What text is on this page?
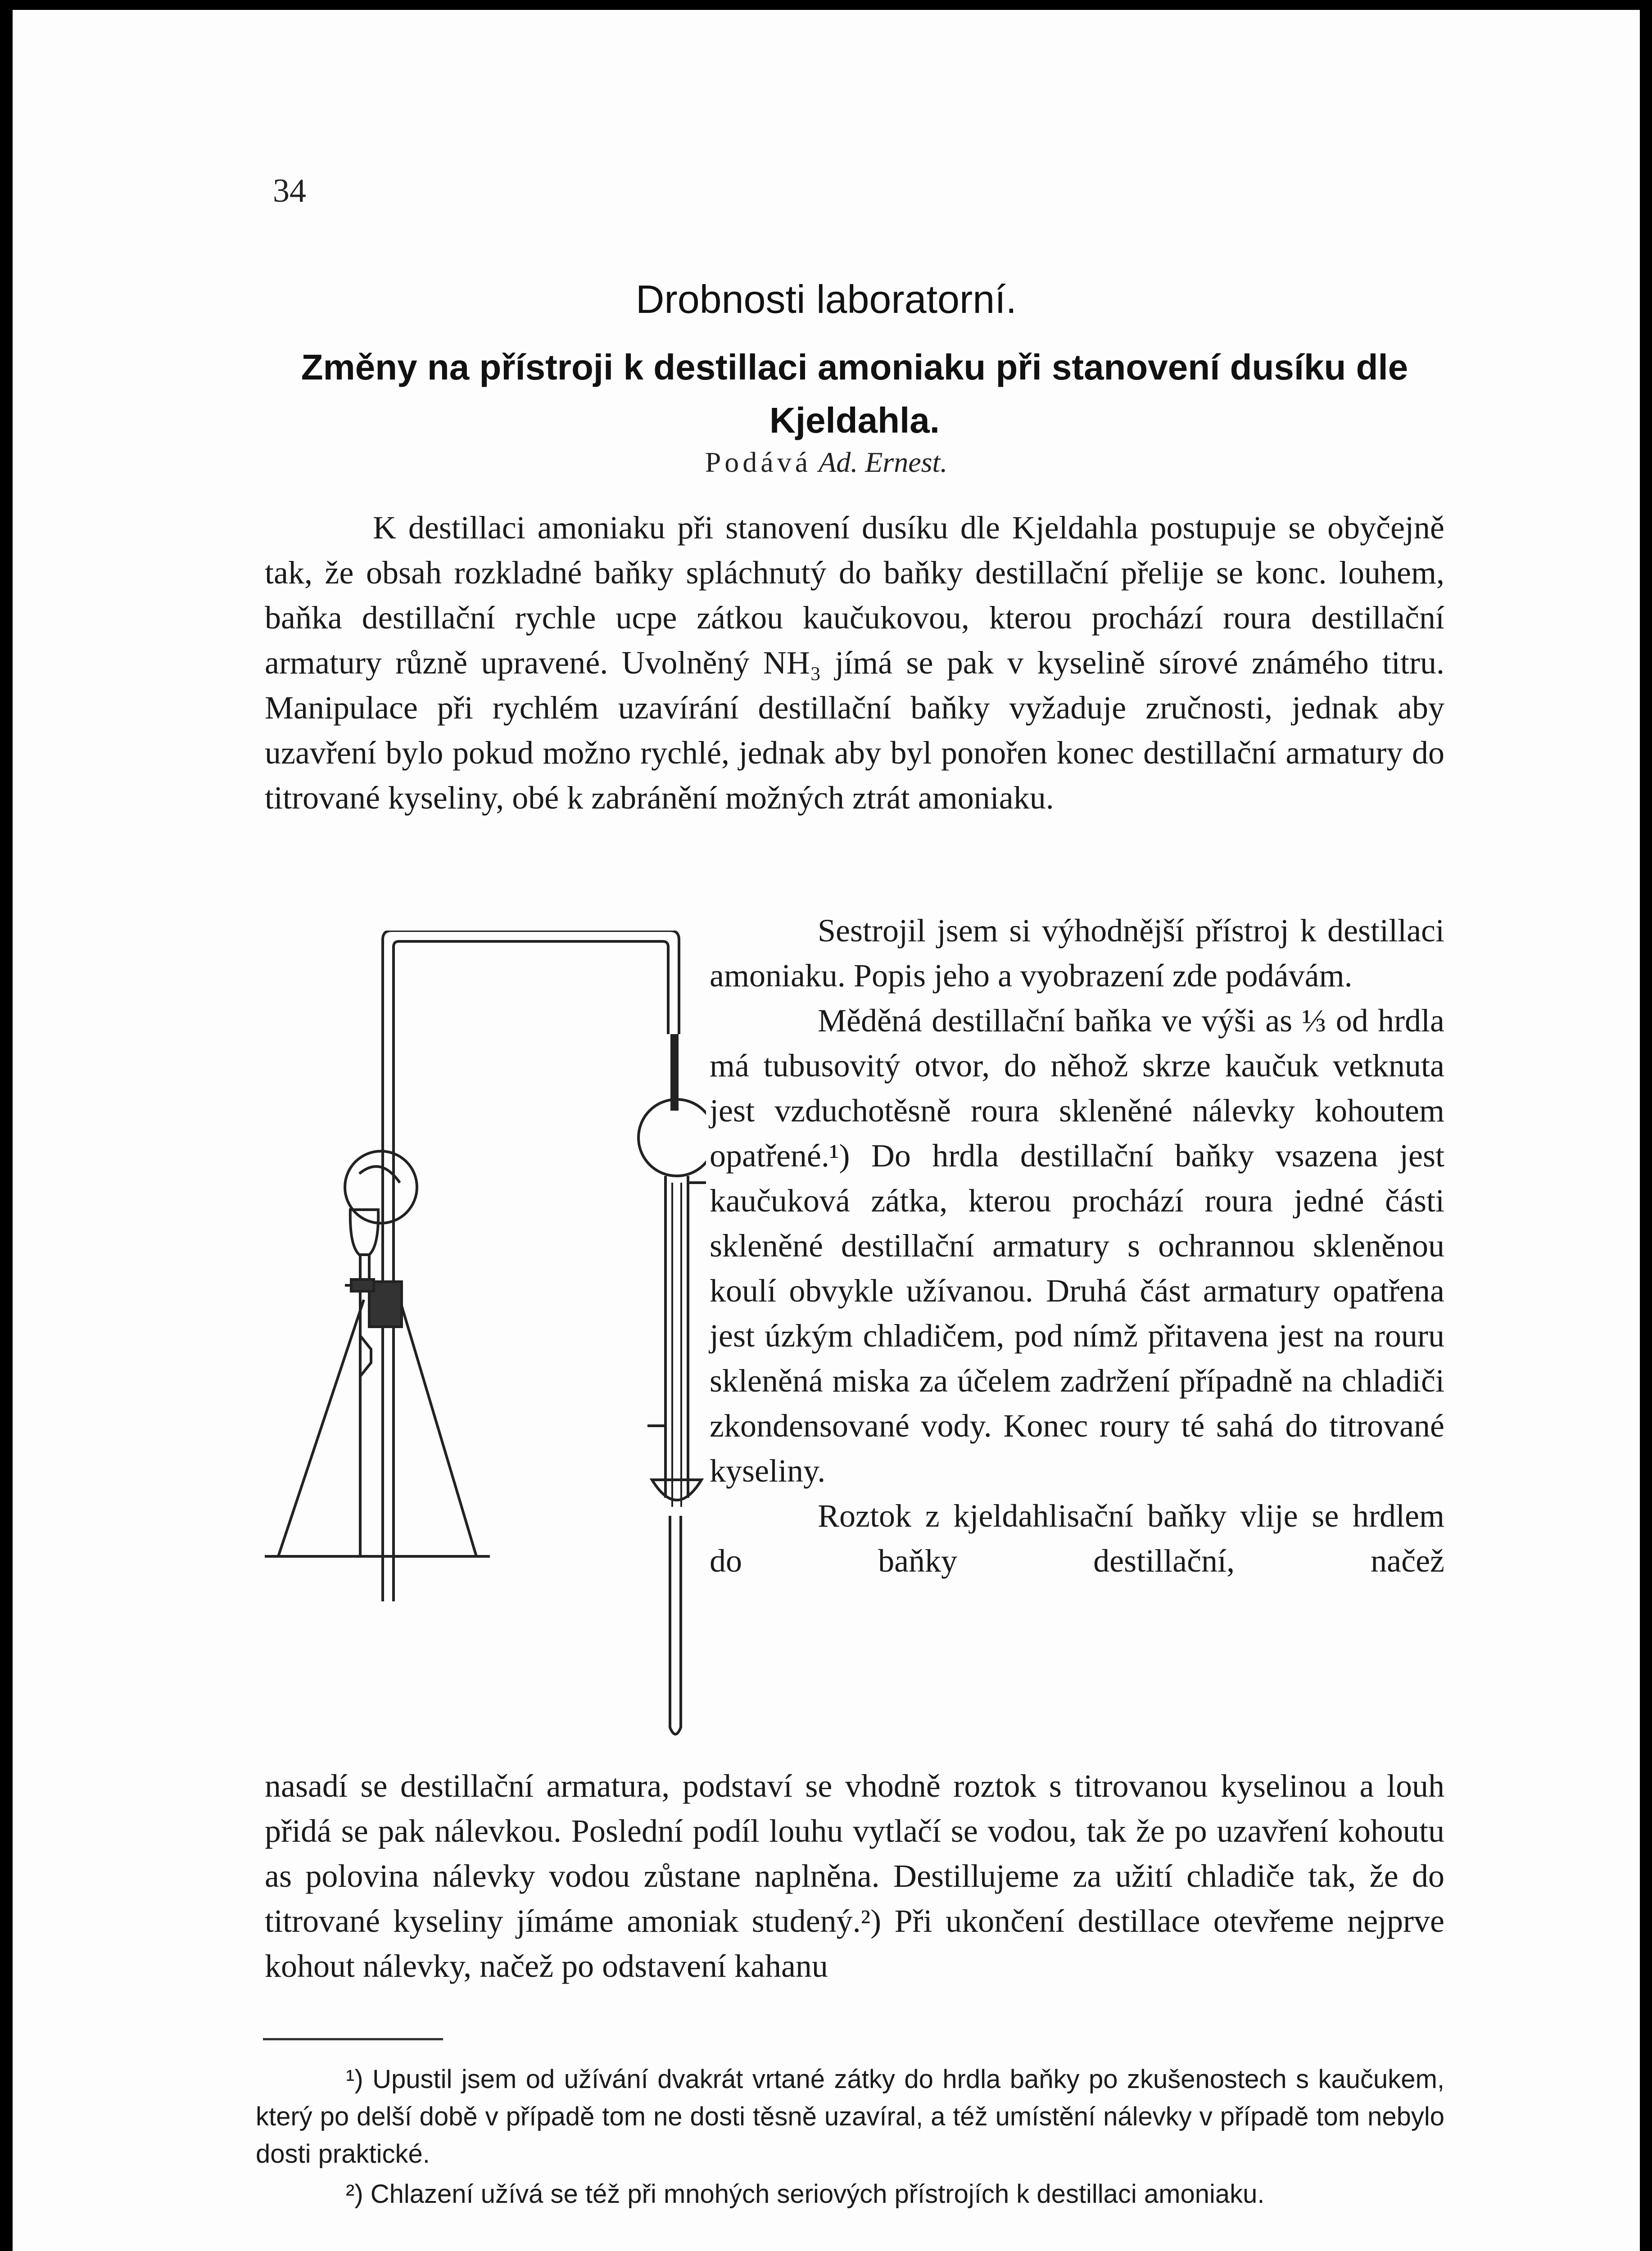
34
Drobnosti laboratorní.
Změny na přístroji k destillaci amoniaku při stanovení dusíku dle Kjeldahla.
Podává Ad. Ernest.

K destillaci amoniaku při stanovení dusíku dle Kjeldahla postupuje se obyčejně tak, že obsah rozkladné baňky spláchnutý do baňky destillační přelije se konc. louhem, baňka destillační rychle ucpe zátkou kaučukovou, kterou prochází roura destillační armatury různě upravené. Uvolněný NH₃ jímá se pak v kyselině sírové známého titru. Manipulace při rychlém uzavírání destillační baňky vyžaduje zručnosti, jednak aby uzavření bylo pokud možno rychlé, jednak aby byl ponořen konec destillační armatury do titrované kyseliny, obé k zabránění možných ztrát amoniaku.

Sestrojil jsem si výhodnější přístroj k destillaci amoniaku. Popis jeho a vyobrazení zde podávám.

Měděná destillační baňka ve výši as ⅓ od hrdla má tubusovitý otvor, do něhož skrze kaučuk vetknuta jest vzduchotěsně roura skleněné nálevky kohoutem opatřené.¹) Do hrdla destillační baňky vsazena jest kaučuková zátka, kterou prochází roura jedné části skleněné destillační armatury s ochrannou skleněnou koulí obvykle užívanou. Druhá část armatury opatřena jest úzkým chladičem, pod nímž přitavena jest na rouru skleněná miska za účelem zadržení případně na chladiči zkondensované vody. Konec roury té sahá do titrované kyseliny.

Roztok z kjeldahlisační baňky vlije se hrdlem do baňky destillační, načež

nasadí se destillační armatura, podstaví se vhodně roztok s titrovanou kyselinou a louh přidá se pak nálevkou. Poslední podíl louhu vytlačí se vodou, tak že po uzavření kohoutu as polovina nálevky vodou zůstane naplněna. Destillujeme za užití chladiče tak, že do titrované kyseliny jímáme amoniak studený.²) Při ukončení destillace otevřeme nejprve kohout nálevky, načež po odstavení kahanu

¹) Upustil jsem od užívání dvakrát vrtané zátky do hrdla baňky po zkušenostech s kaučukem, který po delší době v případě tom ne dosti těsně uzavíral, a též umístění nálevky v případě tom nebylo dosti praktické.

²) Chlazení užívá se též při mnohých seriových přístrojích k destillaci amoniaku.
